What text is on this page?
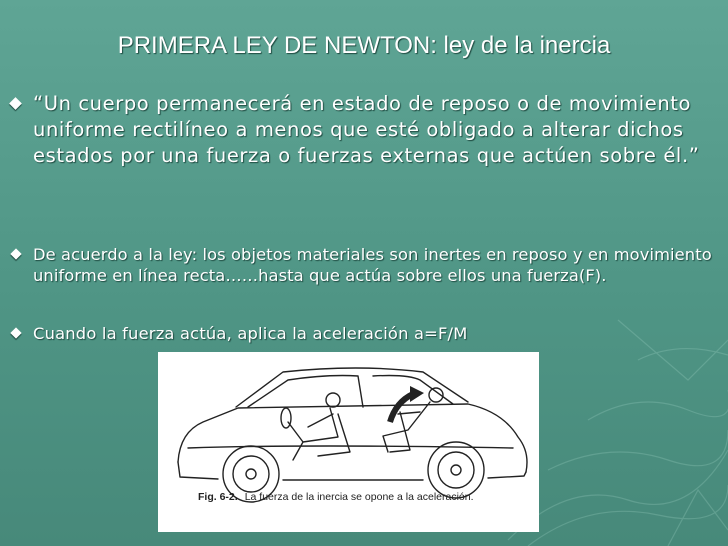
PRIMERA LEY DE NEWTON: ley de la inercia
“Un cuerpo permanecerá en estado de reposo o de movimiento uniforme rectilíneo a menos que esté obligado a alterar dichos estados por una fuerza o fuerzas externas que actúen sobre él.”
De acuerdo a la ley: los objetos materiales son inertes en reposo y en movimiento uniforme en línea recta……hasta que actúa sobre ellos una fuerza(F).
Cuando la fuerza actúa, aplica la aceleración a=F/M
Fig. 6-2. La fuerza de la inercia se opone a la aceleración.
